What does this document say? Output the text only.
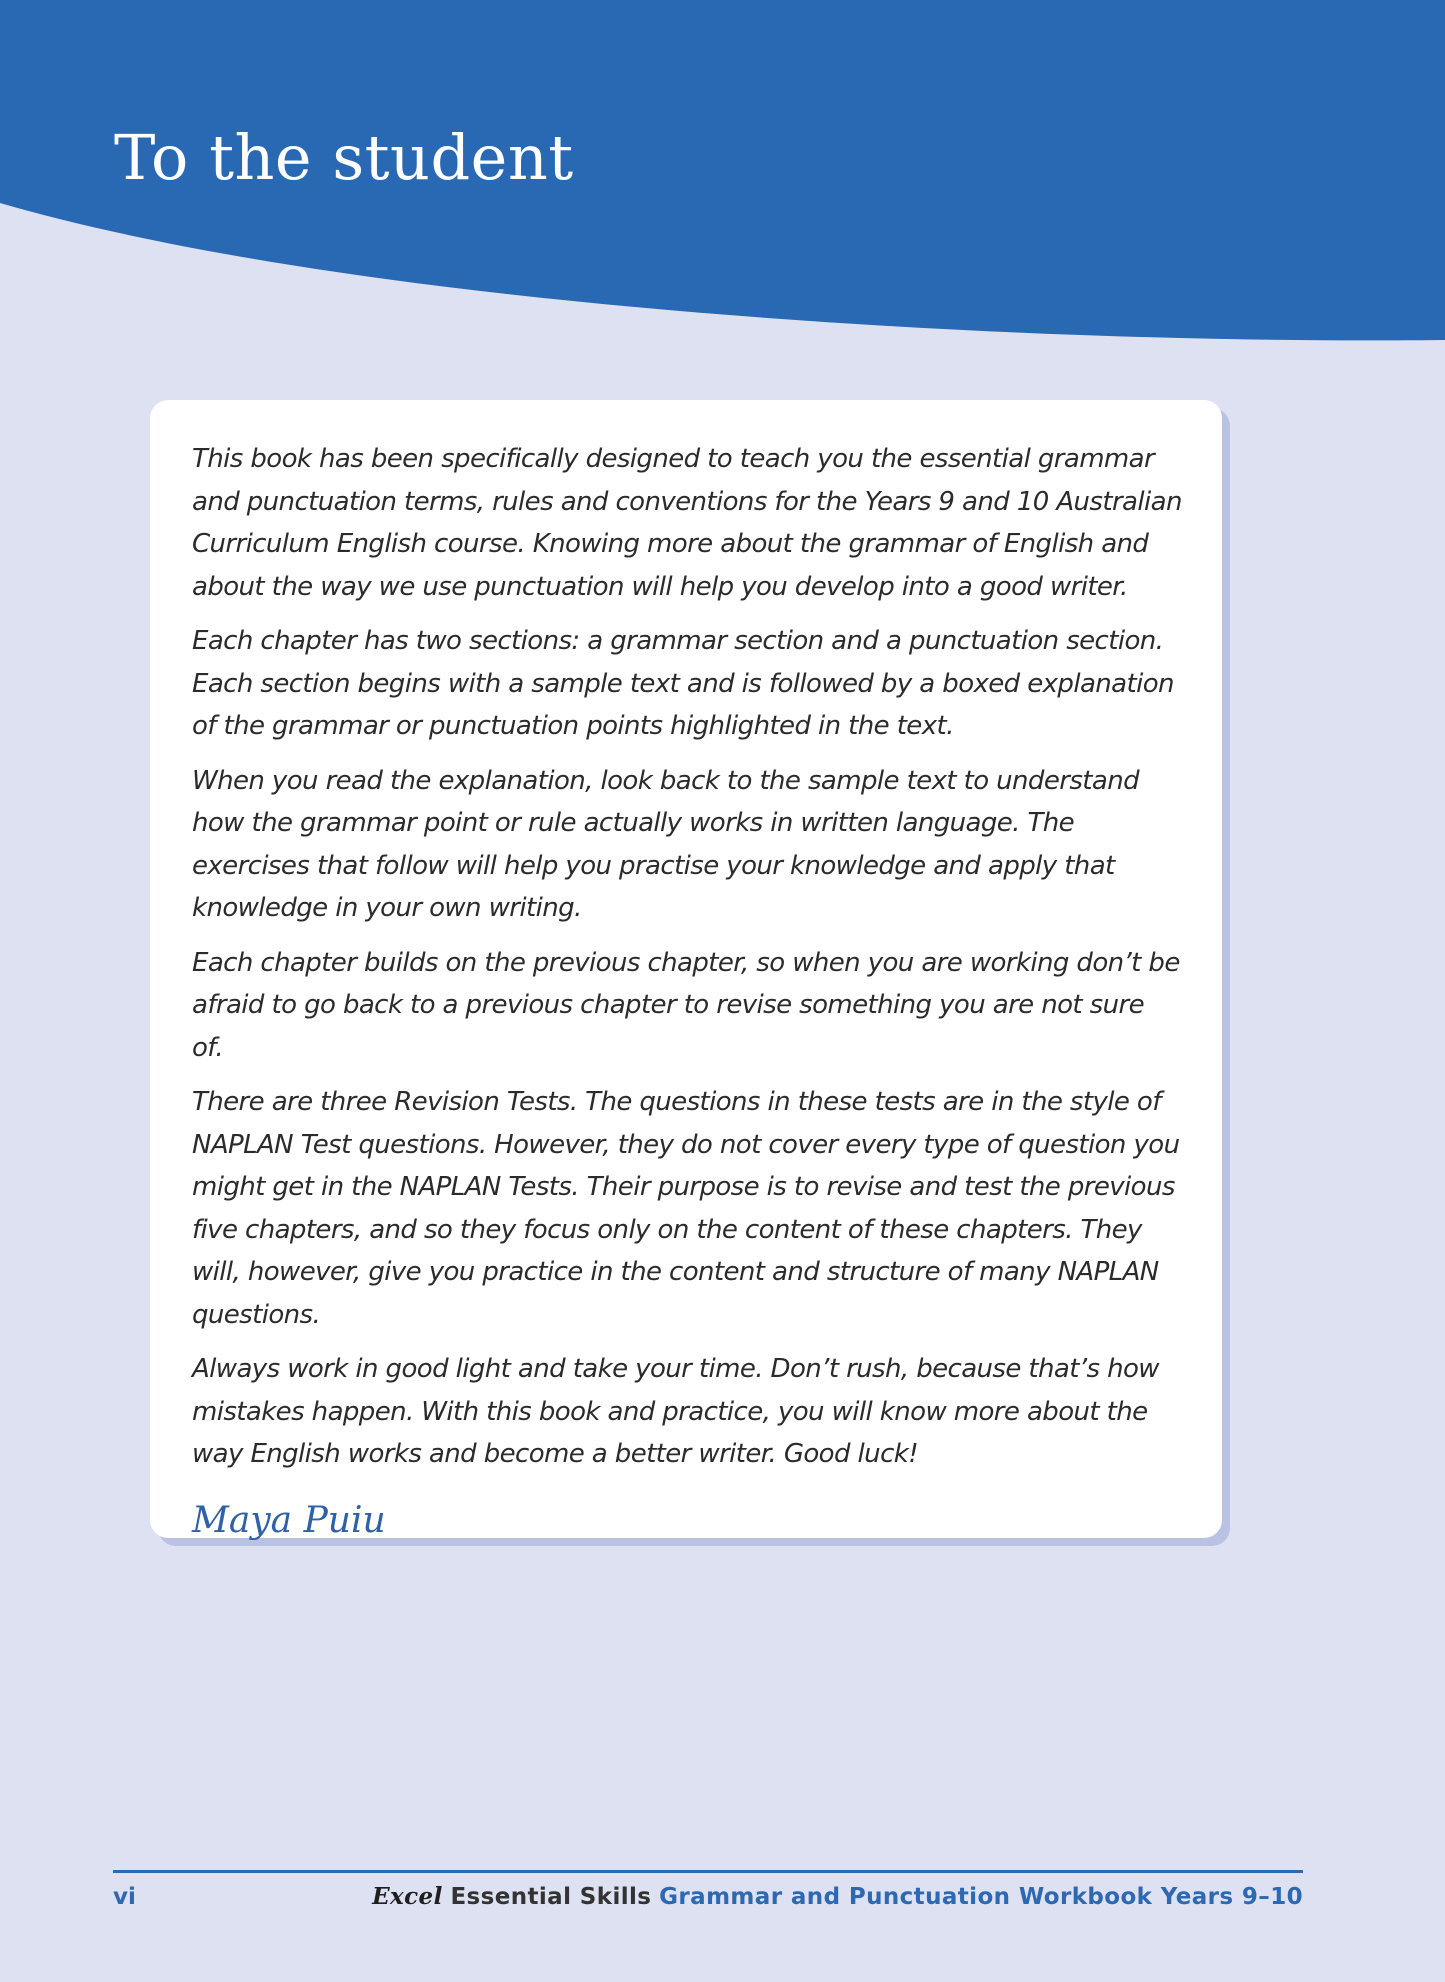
To the student

This book has been specifically designed to teach you the essential grammar and punctuation terms, rules and conventions for the Years 9 and 10 Australian Curriculum English course. Knowing more about the grammar of English and about the way we use punctuation will help you develop into a good writer.

Each chapter has two sections: a grammar section and a punctuation section. Each section begins with a sample text and is followed by a boxed explanation of the grammar or punctuation points highlighted in the text.

When you read the explanation, look back to the sample text to understand how the grammar point or rule actually works in written language. The exercises that follow will help you practise your knowledge and apply that knowledge in your own writing.

Each chapter builds on the previous chapter, so when you are working don’t be afraid to go back to a previous chapter to revise something you are not sure of.

There are three Revision Tests. The questions in these tests are in the style of NAPLAN Test questions. However, they do not cover every type of question you might get in the NAPLAN Tests. Their purpose is to revise and test the previous five chapters, and so they focus only on the content of these chapters. They will, however, give you practice in the content and structure of many NAPLAN questions.

Always work in good light and take your time. Don’t rush, because that’s how mistakes happen. With this book and practice, you will know more about the way English works and become a better writer. Good luck!

Maya Puiu

vi	Excel Essential Skills Grammar and Punctuation Workbook Years 9–10
